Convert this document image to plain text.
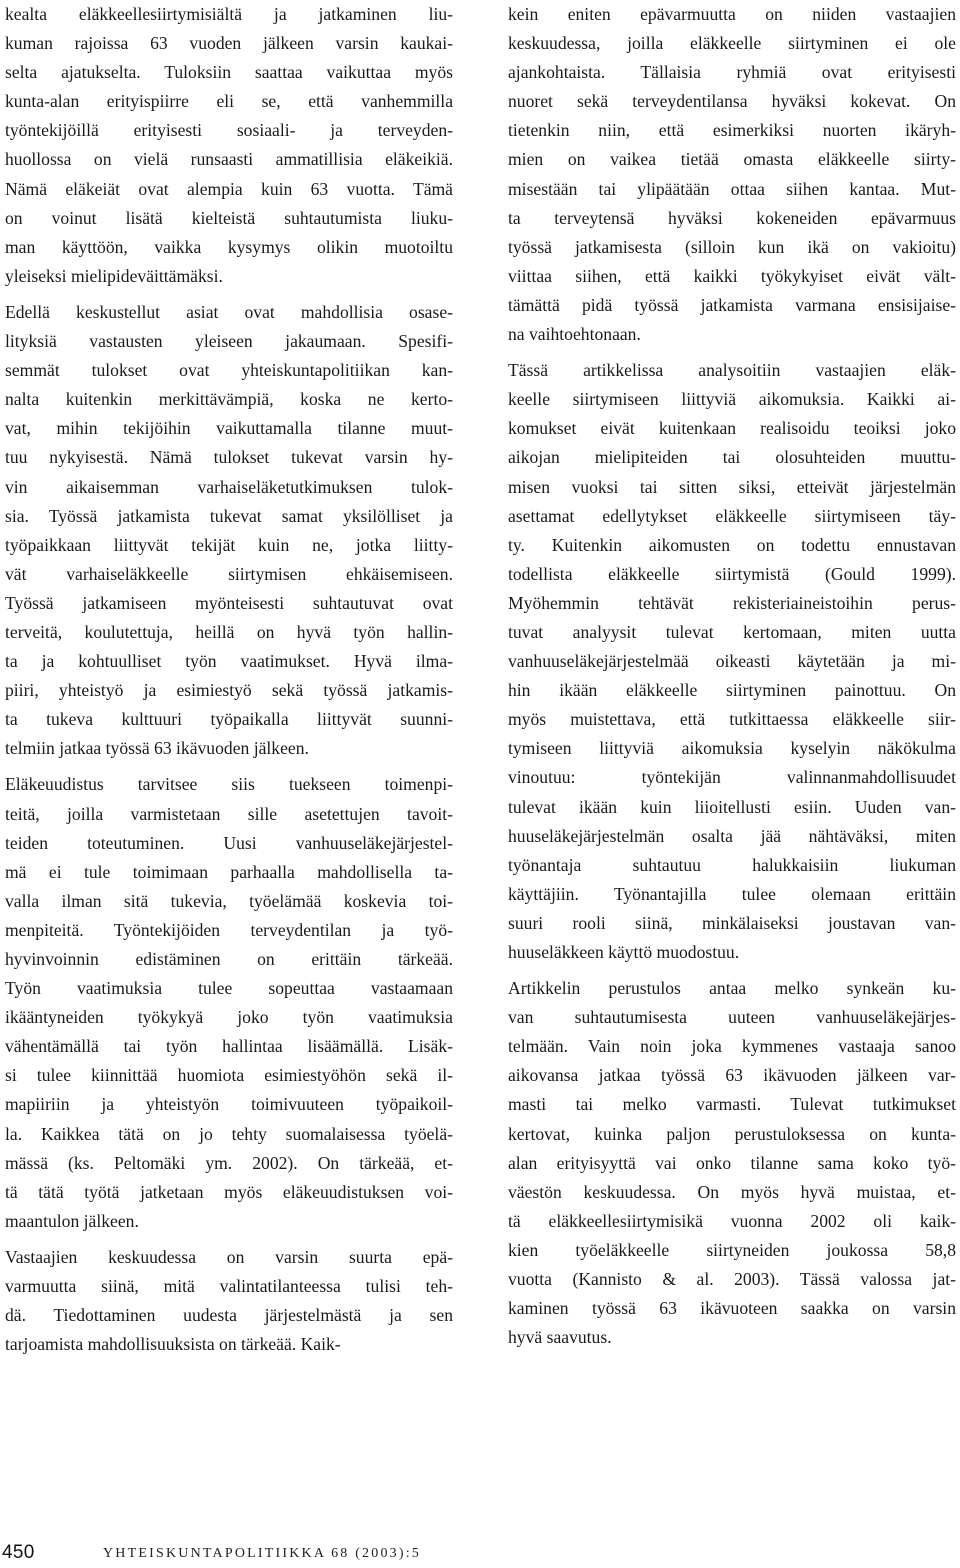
kealta eläkkeellesiirtymisiältä ja jatkaminen liu-
kuman rajoissa 63 vuoden jälkeen varsin kaukai-
selta ajatukselta. Tuloksiin saattaa vaikuttaa myös
kunta-alan erityispiirre eli se, että vanhemmilla
työntekijöillä erityisesti sosiaali- ja terveyden-
huollossa on vielä runsaasti ammatillisia eläkeikiä.
Nämä eläkeiät ovat alempia kuin 63 vuotta. Tämä
on voinut lisätä kielteistä suhtautumista liuku-
man käyttöön, vaikka kysymys olikin muotoiltu
yleiseksi mielipideväittämäksi.

Edellä keskustellut asiat ovat mahdollisia osase-
lityksiä vastausten yleiseen jakaumaan. Spesifi-
semmät tulokset ovat yhteiskuntapolitiikan kan-
nalta kuitenkin merkittävämpiä, koska ne kerto-
vat, mihin tekijöihin vaikuttamalla tilanne muut-
tuu nykyisestä. Nämä tulokset tukevat varsin hy-
vin aikaisemman varhaiseläketutkimuksen tulok-
sia. Työssä jatkamista tukevat samat yksilölliset ja
työpaikkaan liittyvät tekijät kuin ne, jotka liitty-
vät varhaiseläkkeelle siirtymisen ehkäisemiseen.
Työssä jatkamiseen myönteisesti suhtautuvat ovat
terveitä, koulutettuja, heillä on hyvä työn hallin-
ta ja kohtuulliset työn vaatimukset. Hyvä ilma-
piiri, yhteistyö ja esimiestyö sekä työssä jatkamis-
ta tukeva kulttuuri työpaikalla liittyvät suunni-
telmiin jatkaa työssä 63 ikävuoden jälkeen.

Eläkeuudistus tarvitsee siis tuekseen toimenpi-
teitä, joilla varmistetaan sille asetettujen tavoit-
teiden toteutuminen. Uusi vanhuuseläkejärjestel-
mä ei tule toimimaan parhaalla mahdollisella ta-
valla ilman sitä tukevia, työelämää koskevia toi-
menpiteitä. Työntekijöiden terveydentilan ja työ-
hyvinvoinnin edistäminen on erittäin tärkeää.
Työn vaatimuksia tulee sopeuttaa vastaamaan
ikääntyneiden työkykyä joko työn vaatimuksia
vähentämällä tai työn hallintaa lisäämällä. Lisäk-
si tulee kiinnittää huomiota esimiestyöhön sekä il-
mapiiriin ja yhteistyön toimivuuteen työpaikoil-
la. Kaikkea tätä on jo tehty suomalaisessa työelä-
mässä (ks. Peltomäki ym. 2002). On tärkeää, et-
tä tätä työtä jatketaan myös eläkeuudistuksen voi-
maantulon jälkeen.

Vastaajien keskuudessa on varsin suurta epä-
varmuutta siinä, mitä valintatilanteessa tulisi teh-
dä. Tiedottaminen uudesta järjestelmästä ja sen
tarjoamista mahdollisuuksista on tärkeää. Kaik-

kein eniten epävarmuutta on niiden vastaajien
keskuudessa, joilla eläkkeelle siirtyminen ei ole
ajankohtaista. Tällaisia ryhmiä ovat erityisesti
nuoret sekä terveydentilansa hyväksi kokevat. On
tietenkin niin, että esimerkiksi nuorten ikäryh-
mien on vaikea tietää omasta eläkkeelle siirty-
misestään tai ylipäätään ottaa siihen kantaa. Mut-
ta terveytensä hyväksi kokeneiden epävarmuus
työssä jatkamisesta (silloin kun ikä on vakioitu)
viittaa siihen, että kaikki työkykyiset eivät vält-
tämättä pidä työssä jatkamista varmana ensisijaise-
na vaihtoehtonaan.

Tässä artikkelissa analysoitiin vastaajien eläk-
keelle siirtymiseen liittyviä aikomuksia. Kaikki ai-
komukset eivät kuitenkaan realisoidu teoiksi joko
aikojan mielipiteiden tai olosuhteiden muuttu-
misen vuoksi tai sitten siksi, etteivät järjestelmän
asettamat edellytykset eläkkeelle siirtymiseen täy-
ty. Kuitenkin aikomusten on todettu ennustavan
todellista eläkkeelle siirtymistä (Gould 1999).
Myöhemmin tehtävät rekisteriaineistoihin perus-
tuvat analyysit tulevat kertomaan, miten uutta
vanhuuseläkejärjestelmää oikeasti käytetään ja mi-
hin ikään eläkkeelle siirtyminen painottuu. On
myös muistettava, että tutkittaessa eläkkeelle siir-
tymiseen liittyviä aikomuksia kyselyin näkökulma
vinoutuu: työntekijän valinnanmahdollisuudet
tulevat ikään kuin liioitellusti esiin. Uuden van-
huuseläkejärjestelmän osalta jää nähtäväksi, miten
työnantaja suhtautuu halukkaisiin liukuman
käyttäjiin. Työnantajilla tulee olemaan erittäin
suuri rooli siinä, minkälaiseksi joustavan van-
huuseläkkeen käyttö muodostuu.

Artikkelin perustulos antaa melko synkeän ku-
van suhtautumisesta uuteen vanhuuseläkejärjes-
telmään. Vain noin joka kymmenes vastaaja sanoo
aikovansa jatkaa työssä 63 ikävuoden jälkeen var-
masti tai melko varmasti. Tulevat tutkimukset
kertovat, kuinka paljon perustuloksessa on kunta-
alan erityisyyttä vai onko tilanne sama koko työ-
väestön keskuudessa. On myös hyvä muistaa, et-
tä eläkkeellesiirtymisikä vuonna 2002 oli kaik-
kien työeläkkeelle siirtyneiden joukossa 58,8
vuotta (Kannisto & al. 2003). Tässä valossa jat-
kaminen työssä 63 ikävuoteen saakka on varsin
hyvä saavutus.

450	YHTEISKUNTAPOLITIIKKA 68 (2003):5
